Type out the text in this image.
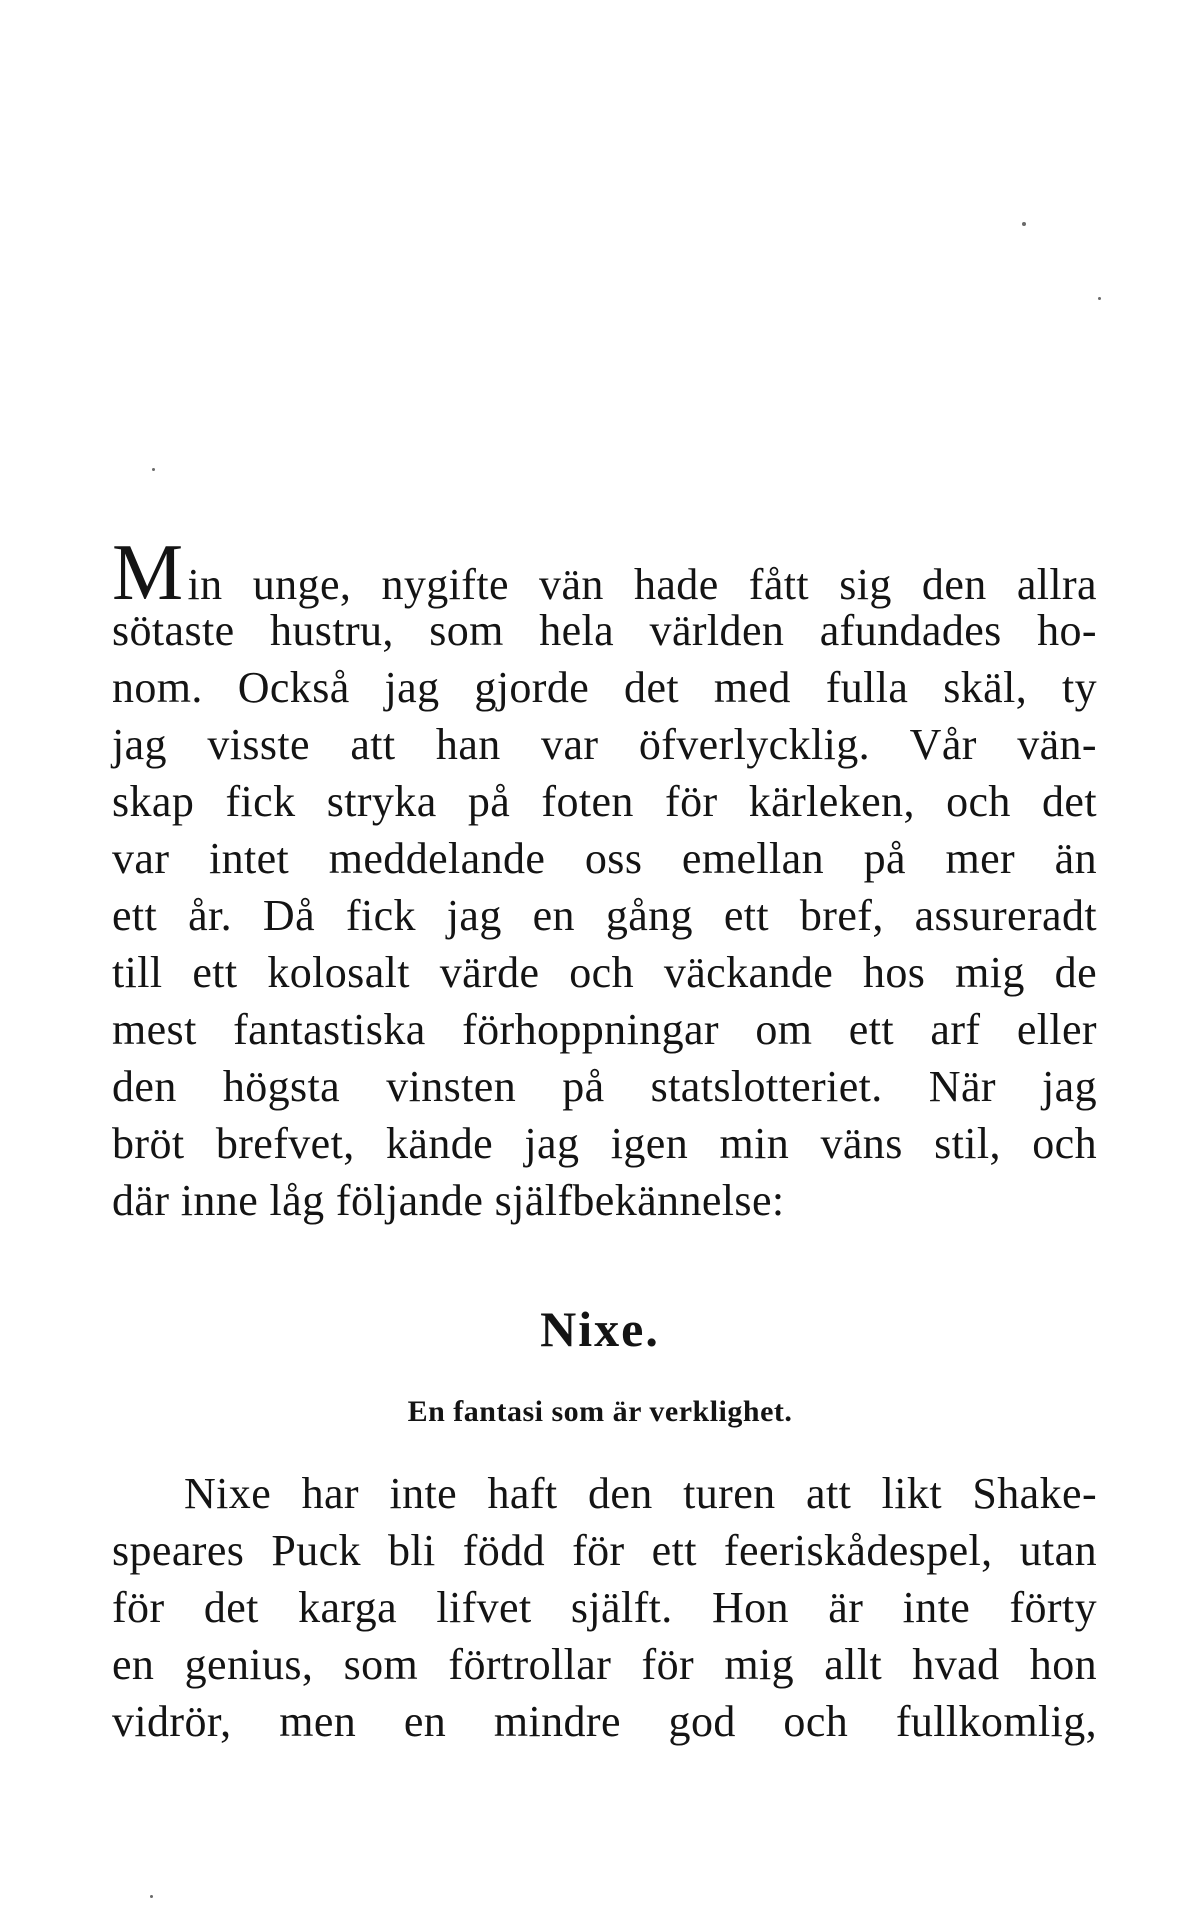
M in unge, nygifte vän hade fått sig den allra
sötaste hustru, som hela världen afundades ho-
nom. Också jag gjorde det med fulla skäl, ty
jag visste att han var öfverlycklig. Vår vän-
skap fick stryka på foten för kärleken, och det
var intet meddelande oss emellan på mer än
ett år. Då fick jag en gång ett bref, assureradt
till ett kolosalt värde och väckande hos mig de
mest fantastiska förhoppningar om ett arf eller
den högsta vinsten på statslotteriet. När jag
bröt brefvet, kände jag igen min väns stil, och
där inne låg följande själfbekännelse:
Nixe.
En fantasi som är verklighet.
Nixe har inte haft den turen att likt Shake-
speares Puck bli född för ett feeriskådespel, utan
för det karga lifvet själft. Hon är inte förty
en genius, som förtrollar för mig allt hvad hon
vidrör, men en mindre god och fullkomlig,
